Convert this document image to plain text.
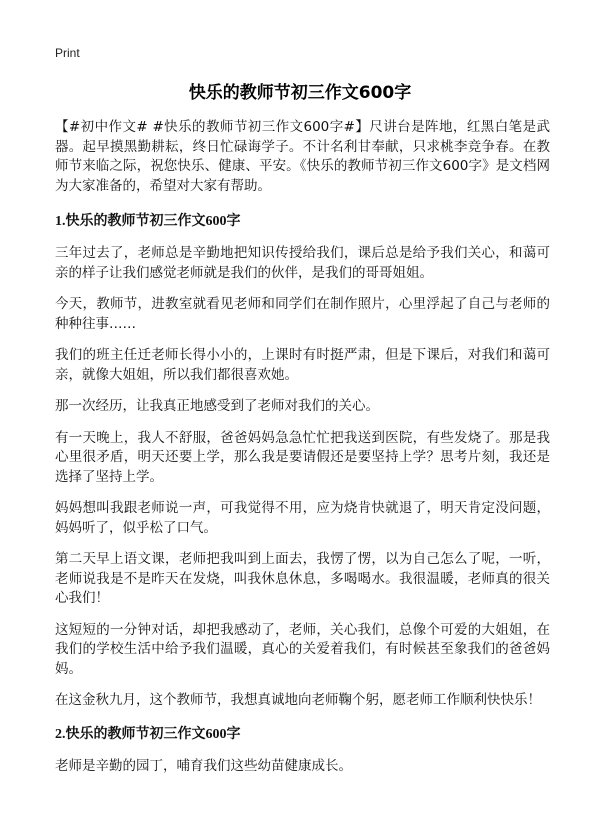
Print
快乐的教师节初三作文600字

【#初中作文# #快乐的教师节初三作文600字#】尺讲台是阵地，红黑白笔是武器。起早摸黑勤耕耘，终日忙碌诲学子。不计名利甘奉献，只求桃李竞争春。在教师节来临之际，祝您快乐、健康、平安。《快乐的教师节初三作文600字》是文档网为大家准备的，希望对大家有帮助。

1.快乐的教师节初三作文600字

三年过去了，老师总是辛勤地把知识传授给我们，课后总是给予我们关心，和蔼可亲的样子让我们感觉老师就是我们的伙伴，是我们的哥哥姐姐。

今天，教师节，进教室就看见老师和同学们在制作照片，心里浮起了自己与老师的种种往事……

我们的班主任迁老师长得小小的，上课时有时挺严肃，但是下课后，对我们和蔼可亲，就像大姐姐，所以我们都很喜欢她。

那一次经历，让我真正地感受到了老师对我们的关心。

有一天晚上，我人不舒服，爸爸妈妈急急忙忙把我送到医院，有些发烧了。那是我心里很矛盾，明天还要上学，那么我是要请假还是要坚持上学？思考片刻，我还是选择了坚持上学。

妈妈想叫我跟老师说一声，可我觉得不用，应为烧肯快就退了，明天肯定没问题，妈妈听了，似乎松了口气。

第二天早上语文课，老师把我叫到上面去，我愣了愣，以为自己怎么了呢，一听，老师说我是不是昨天在发烧，叫我休息休息，多喝喝水。我很温暖，老师真的很关心我们！

这短短的一分钟对话，却把我感动了，老师，关心我们，总像个可爱的大姐姐，在我们的学校生活中给予我们温暖，真心的关爱着我们，有时候甚至象我们的爸爸妈妈。

在这金秋九月，这个教师节，我想真诚地向老师鞠个躬，愿老师工作顺利快快乐！

2.快乐的教师节初三作文600字

老师是辛勤的园丁，哺育我们这些幼苗健康成长。
